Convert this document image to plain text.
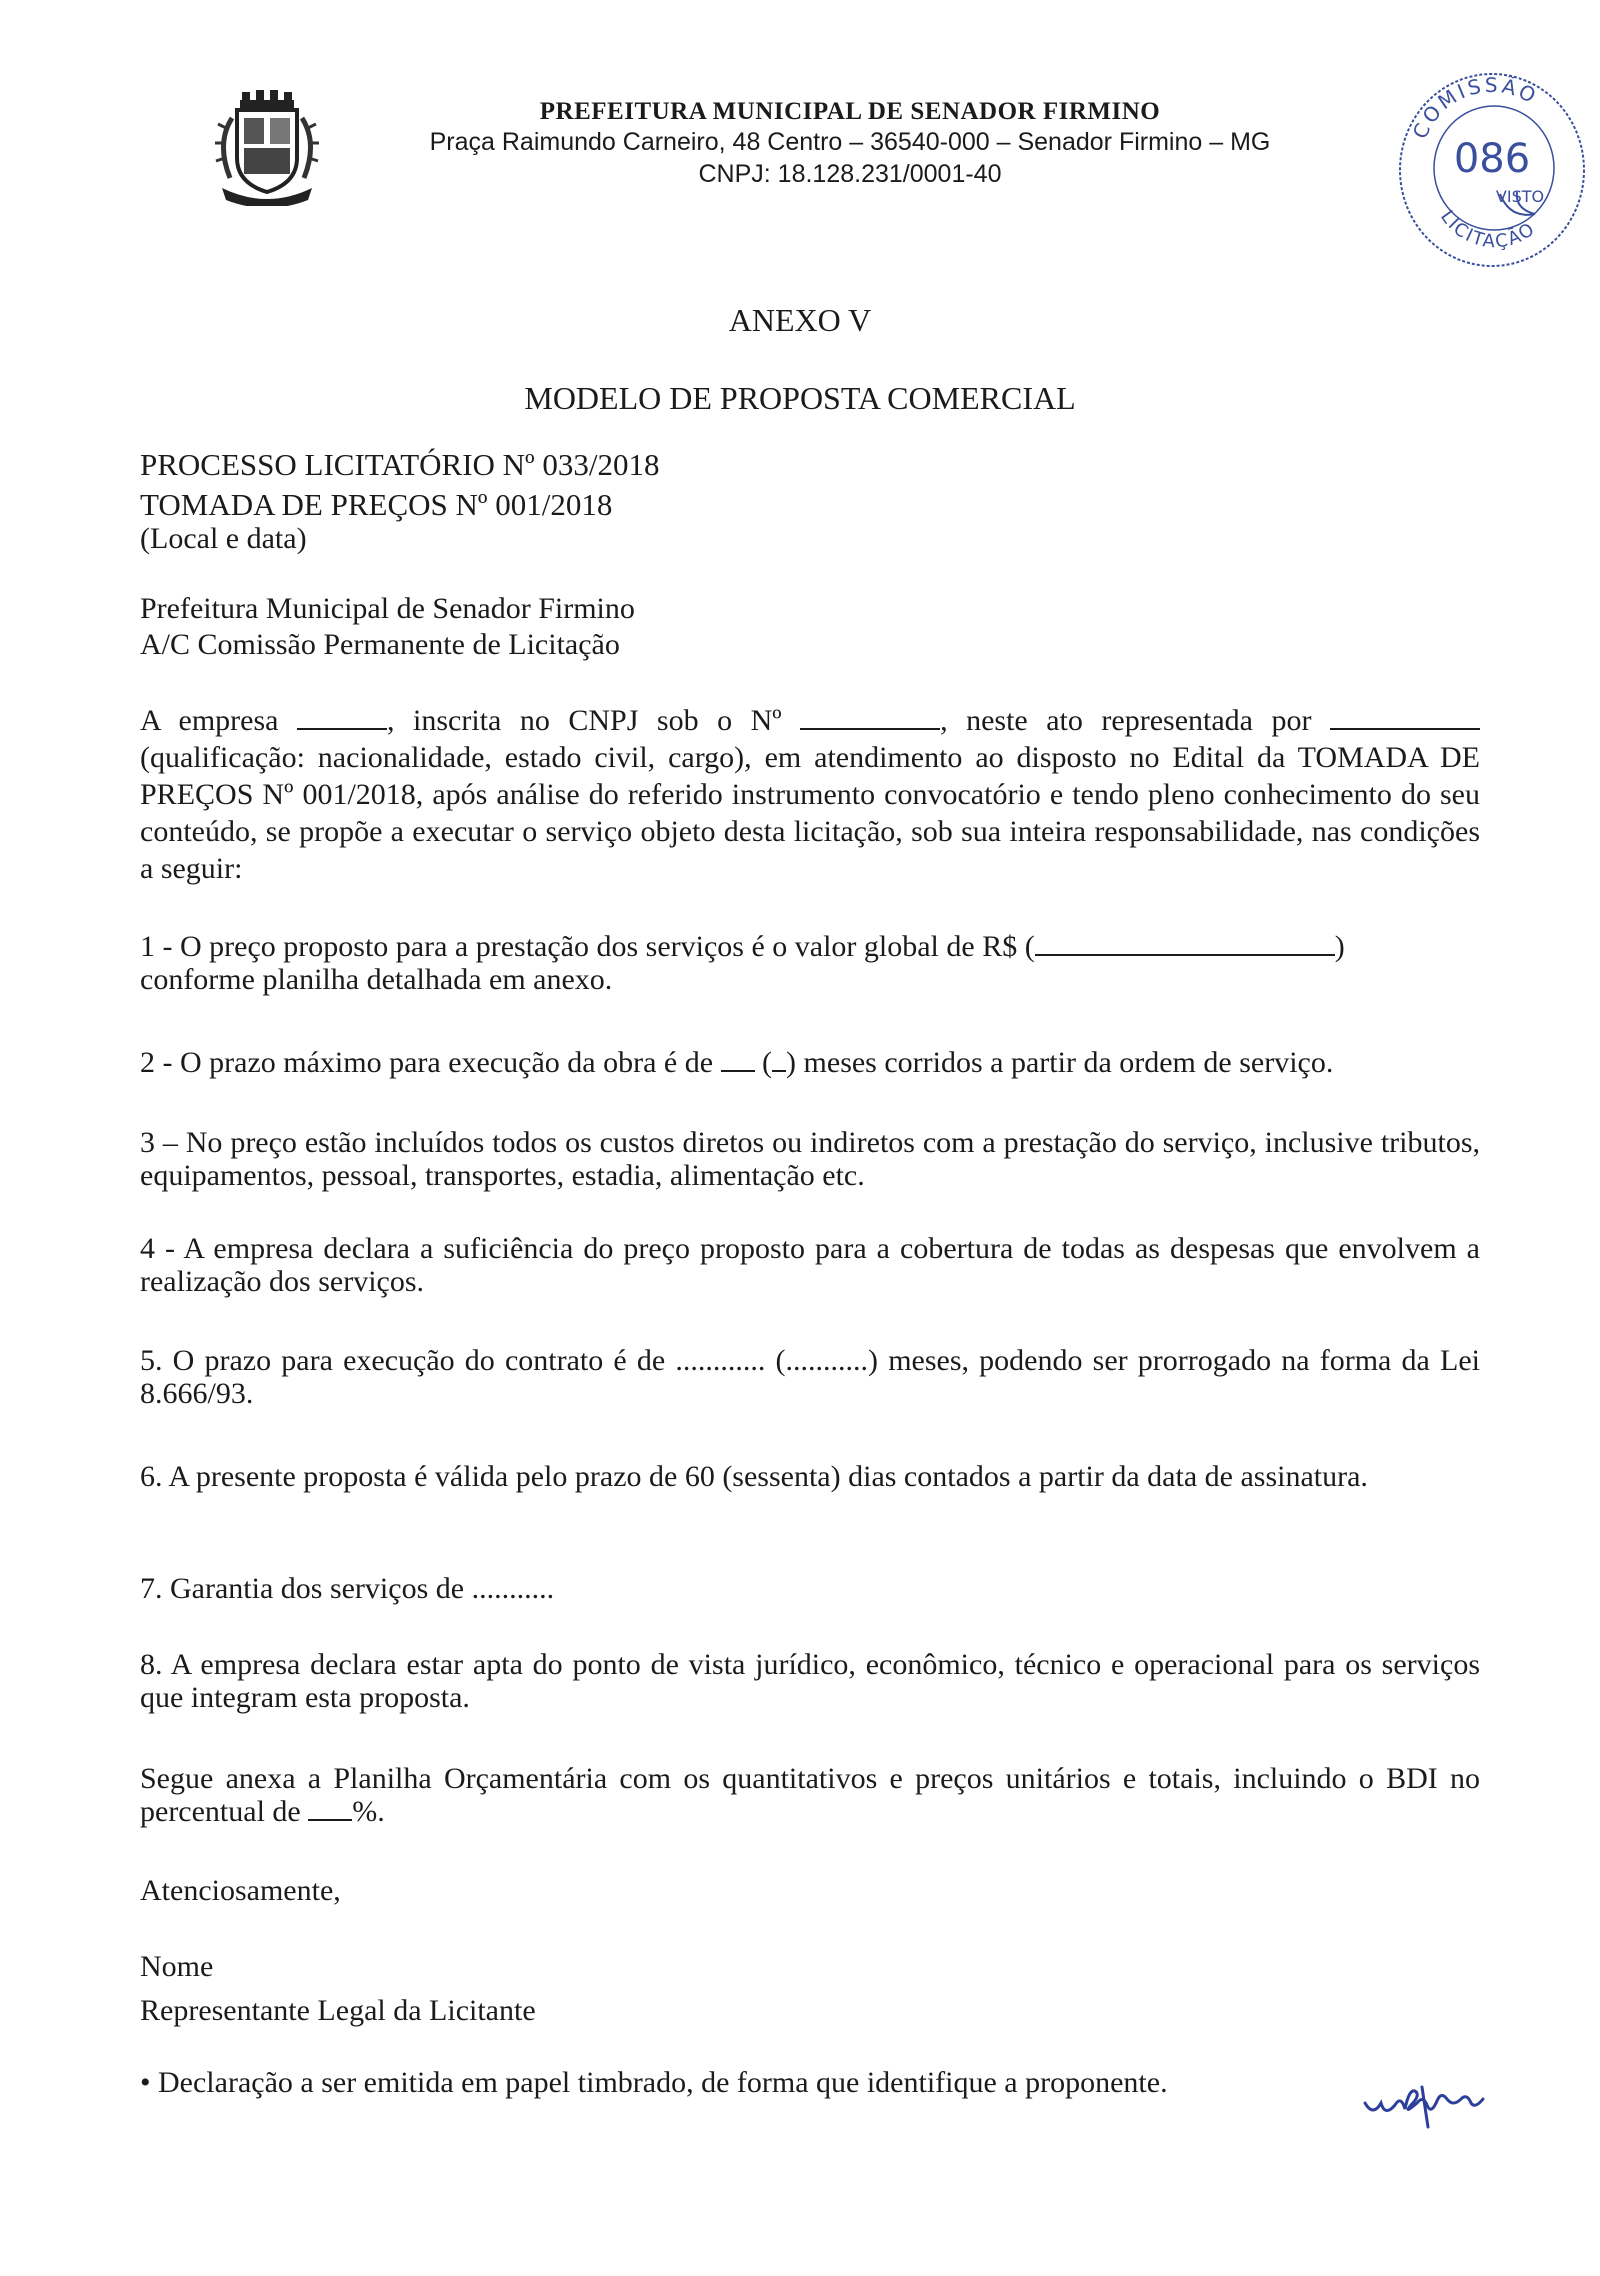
PREFEITURA MUNICIPAL DE SENADOR FIRMINO
Praça Raimundo Carneiro, 48 Centro – 36540-000 – Senador Firmino – MG
CNPJ: 18.128.231/0001-40
COMISSÃO
086
VISTO
LICITAÇÃO
ANEXO V
MODELO DE PROPOSTA COMERCIAL
PROCESSO LICITATÓRIO Nº 033/2018
TOMADA DE PREÇOS Nº 001/2018
(Local e data)
Prefeitura Municipal de Senador Firmino
A/C Comissão Permanente de Licitação
A empresa	, inscrita no CNPJ sob o Nº	, neste ato representada por  (qualificação: nacionalidade, estado civil, cargo), em atendimento ao disposto no Edital da TOMADA DE PREÇOS Nº 001/2018, após análise do referido instrumento convocatório e tendo pleno conhecimento do seu conteúdo, se propõe a executar o serviço objeto desta licitação, sob sua inteira responsabilidade, nas condições a seguir:
1 - O preço proposto para a prestação dos serviços é o valor global de R$ (	)
conforme planilha detalhada em anexo.
2 - O prazo máximo para execução da obra é de ( ) meses corridos a partir da ordem de serviço.
3 – No preço estão incluídos todos os custos diretos ou indiretos com a prestação do serviço, inclusive tributos, equipamentos, pessoal, transportes, estadia, alimentação etc.
4 - A empresa declara a suficiência do preço proposto para a cobertura de todas as despesas que envolvem a realização dos serviços.
5. O prazo para execução do contrato é de ............ (...........) meses, podendo ser prorrogado na forma da Lei 8.666/93.
6. A presente proposta é válida pelo prazo de 60 (sessenta) dias contados a partir da data de assinatura.
7. Garantia dos serviços de ...........
8. A empresa declara estar apta do ponto de vista jurídico, econômico, técnico e operacional para os serviços que integram esta proposta.
Segue anexa a Planilha Orçamentária com os quantitativos e preços unitários e totais, incluindo o BDI no percentual de %.
Atenciosamente,
Nome
Representante Legal da Licitante
• Declaração a ser emitida em papel timbrado, de forma que identifique a proponente.
